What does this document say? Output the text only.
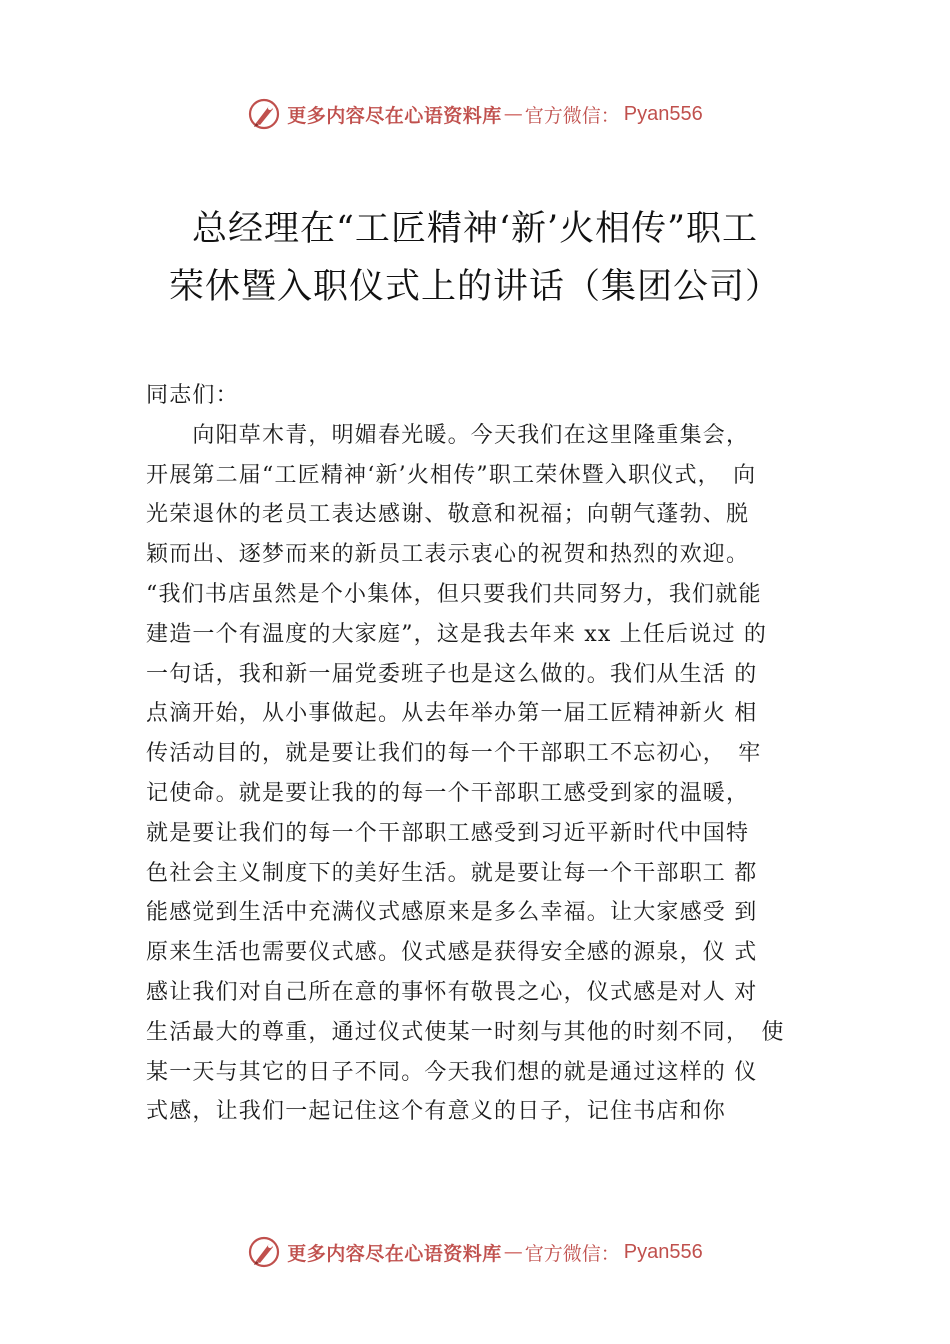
更多内容尽在心语资料库 — 官方微信： Pyan556
总经理在“工匠精神‘新’火相传”职工
荣休暨入职仪式上的讲话（集团公司）
同志们：
　　向阳草木青，明媚春光暖。今天我们在这里隆重集会，
开展第二届“工匠精神‘新’火相传”职工荣休暨入职仪式，　向
光荣退休的老员工表达感谢、敬意和祝福；向朝气蓬勃、脱
颖而出、逐梦而来的新员工表示衷心的祝贺和热烈的欢迎。
“我们书店虽然是个小集体，但只要我们共同努力，我们就能
建造一个有温度的大家庭”，这是我去年来 xx 上任后说过 的
一句话，我和新一届党委班子也是这么做的。我们从生活 的
点滴开始，从小事做起。从去年举办第一届工匠精神新火 相
传活动目的，就是要让我们的每一个干部职工不忘初心，　牢
记使命。就是要让我的的每一个干部职工感受到家的温暖，
就是要让我们的每一个干部职工感受到习近平新时代中国特
色社会主义制度下的美好生活。就是要让每一个干部职工 都
能感觉到生活中充满仪式感原来是多么幸福。让大家感受 到
原来生活也需要仪式感。仪式感是获得安全感的源泉，仪 式
感让我们对自己所在意的事怀有敬畏之心，仪式感是对人 对
生活最大的尊重，通过仪式使某一时刻与其他的时刻不同，　使
某一天与其它的日子不同。今天我们想的就是通过这样的 仪
式感，让我们一起记住这个有意义的日子，记住书店和你
更多内容尽在心语资料库 — 官方微信： Pyan556
